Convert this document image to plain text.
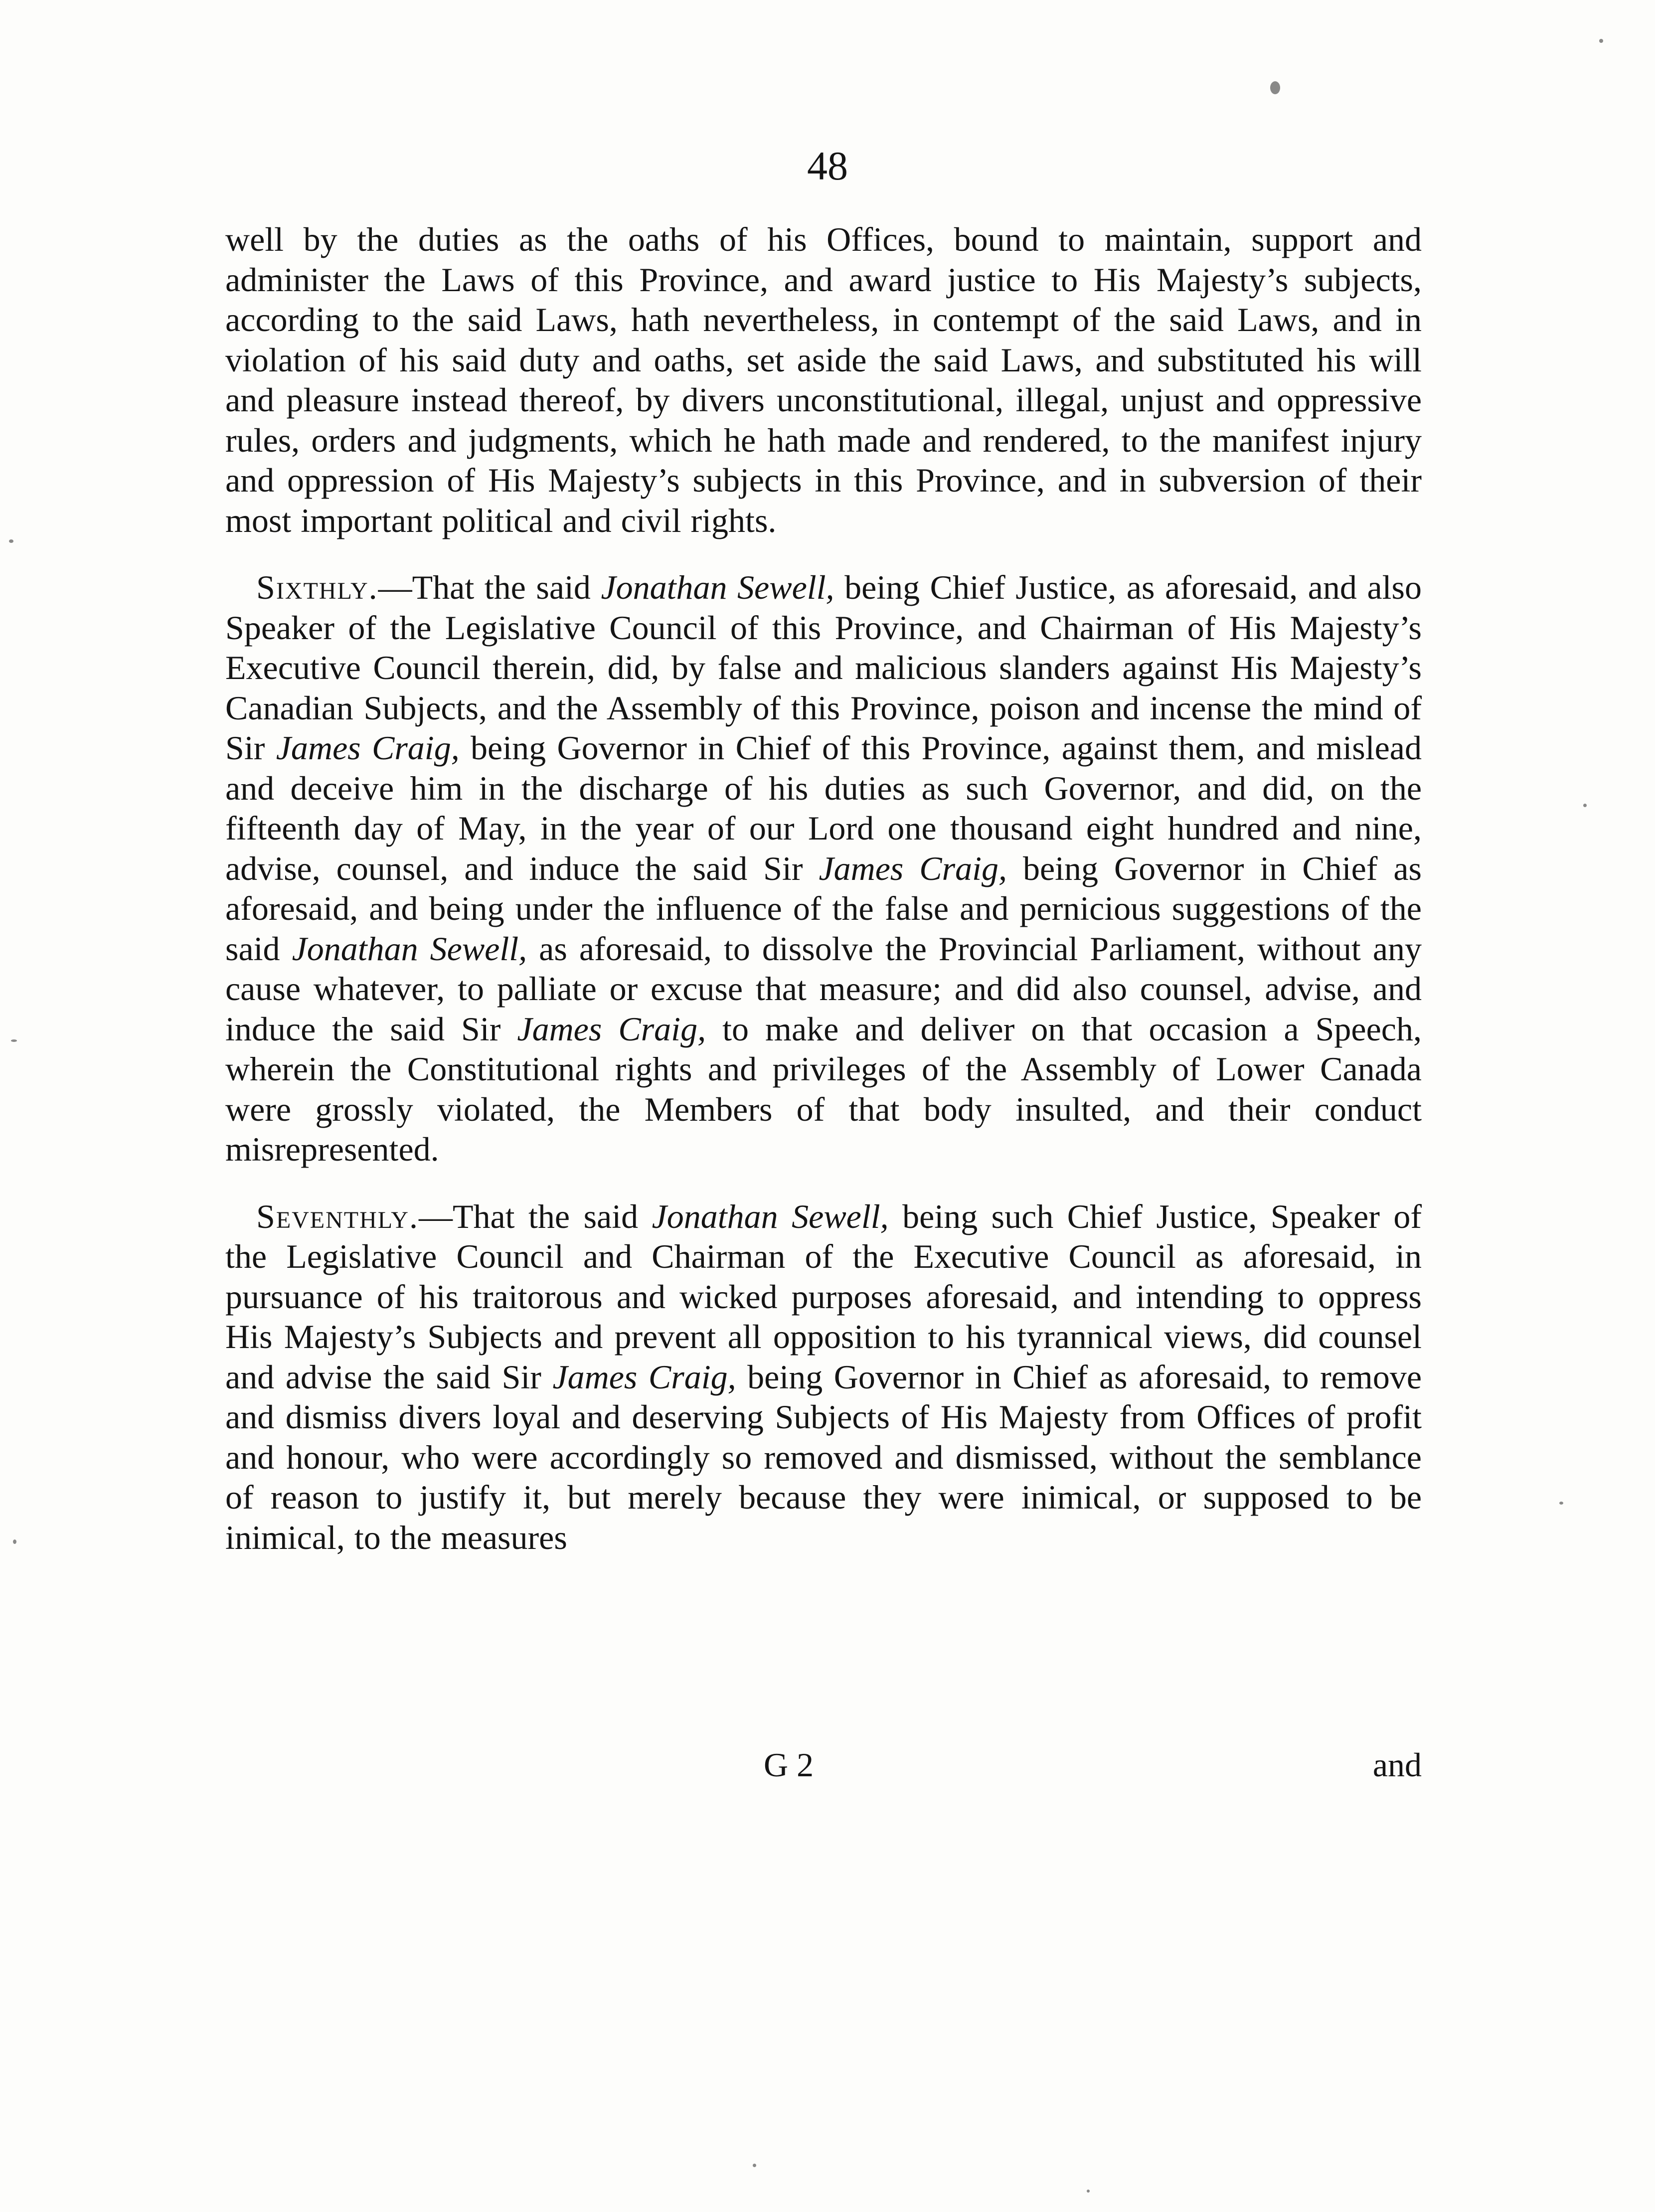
48

well by the duties as the oaths of his Offices, bound to maintain, support and administer the Laws of this Province, and award justice to His Majesty’s subjects, according to the said Laws, hath nevertheless, in contempt of the said Laws, and in violation of his said duty and oaths, set aside the said Laws, and substituted his will and pleasure instead thereof, by divers unconstitutional, illegal, unjust and oppressive rules, orders and judgments, which he hath made and rendered, to the manifest injury and oppression of His Majesty’s subjects in this Province, and in subversion of their most important political and civil rights.

Sixthly.—That the said Jonathan Sewell, being Chief Justice, as aforesaid, and also Speaker of the Legislative Council of this Province, and Chairman of His Majesty’s Executive Council therein, did, by false and malicious slanders against His Majesty’s Canadian Subjects, and the Assembly of this Province, poison and incense the mind of Sir James Craig, being Governor in Chief of this Province, against them, and mislead and deceive him in the discharge of his duties as such Governor, and did, on the fifteenth day of May, in the year of our Lord one thousand eight hundred and nine, advise, counsel, and induce the said Sir James Craig, being Governor in Chief as aforesaid, and being under the influence of the false and pernicious suggestions of the said Jonathan Sewell, as aforesaid, to dissolve the Provincial Parliament, without any cause whatever, to palliate or excuse that measure; and did also counsel, advise, and induce the said Sir James Craig, to make and deliver on that occasion a Speech, wherein the Constitutional rights and privileges of the Assembly of Lower Canada were grossly violated, the Members of that body insulted, and their conduct misrepresented.

Seventhly.—That the said Jonathan Sewell, being such Chief Justice, Speaker of the Legislative Council and Chairman of the Executive Council as aforesaid, in pursuance of his traitorous and wicked purposes aforesaid, and intending to oppress His Majesty’s Subjects and prevent all opposition to his tyrannical views, did counsel and advise the said Sir James Craig, being Governor in Chief as aforesaid, to remove and dismiss divers loyal and deserving Subjects of His Majesty from Offices of profit and honour, who were accordingly so removed and dismissed, without the semblance of reason to justify it, but merely because they were inimical, or supposed to be inimical, to the measures

G 2	and
